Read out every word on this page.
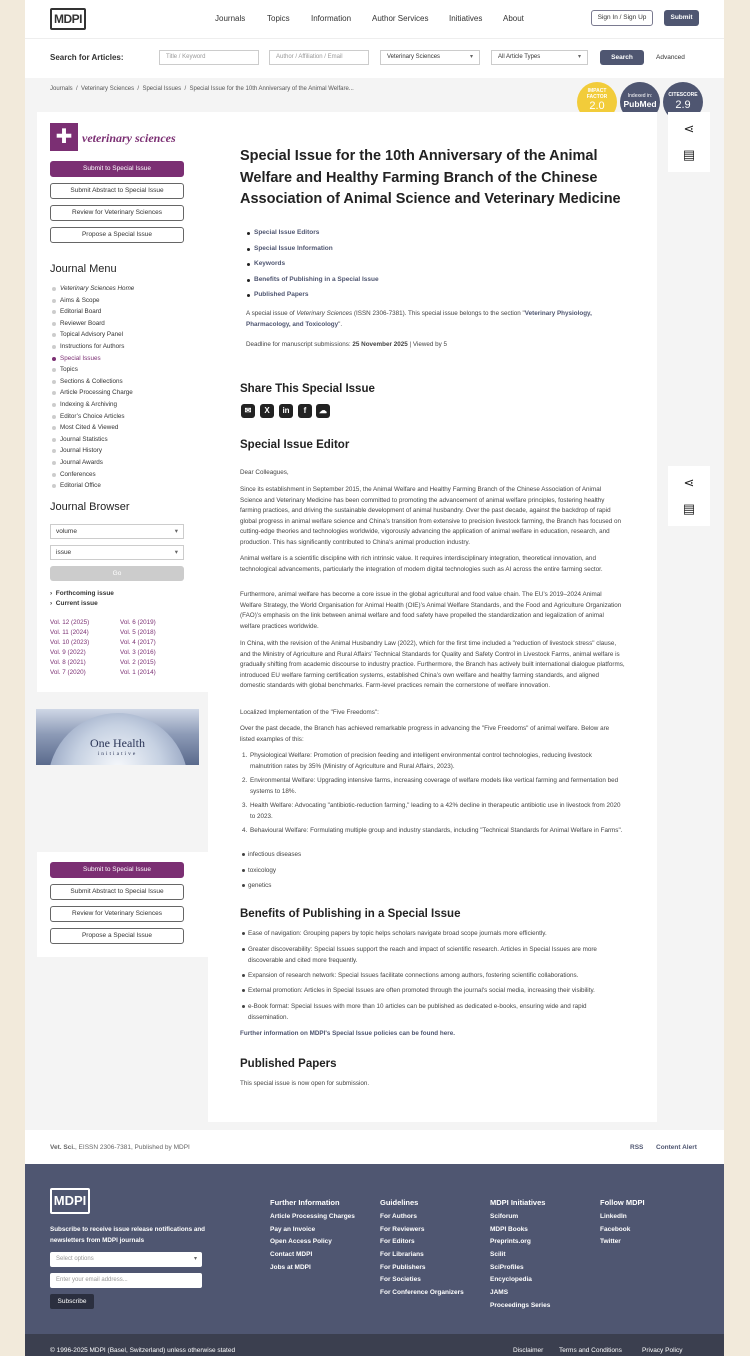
MDPI	Journals	Topics	Information	Author Services	Initiatives	About	Sign In / Sign Up	Submit
Search for Articles:	Title / Keyword	Author / Affiliation / Email	Veterinary Sciences	▾	All Article Types	▾	Search	Advanced
Journals  /  Veterinary Sciences  /  Special Issues  /  Special Issue for the 10th Anniversary of the Animal Welfare...	IMPACT FACTOR
2.0
Indexed in:
PubMed
CITESCORE
2.9
✚ veterinary sciences
Submit to Special Issue
Submit Abstract to Special Issue
Review for Veterinary Sciences
Propose a Special Issue
Journal Menu
Veterinary Sciences Home
Aims & Scope
Editorial Board
Reviewer Board
Topical Advisory Panel
Instructions for Authors
Special Issues
Topics
Sections & Collections
Article Processing Charge
Indexing & Archiving
Editor’s Choice Articles
Most Cited & Viewed
Journal Statistics
Journal History
Journal Awards
Conferences
Editorial Office
Journal Browser
volume	▾
issue	▾
Go
›  Forthcoming issue
›  Current issue
Vol. 12 (2025)
Vol. 11 (2024)
Vol. 10 (2023)
Vol. 9 (2022)
Vol. 8 (2021)
Vol. 7 (2020)
Vol. 6 (2019)
Vol. 5 (2018)
Vol. 4 (2017)
Vol. 3 (2016)
Vol. 2 (2015)
Vol. 1 (2014)
One Health
initiative
Submit to Special Issue
Submit Abstract to Special Issue
Review for Veterinary Sciences
Propose a Special Issue
Special Issue for the 10th Anniversary of the Animal Welfare and Healthy Farming Branch of the Chinese Association of Animal Science and Veterinary Medicine
Special Issue Editors
Special Issue Information
Keywords
Benefits of Publishing in a Special Issue
Published Papers
A special issue of Veterinary Sciences (ISSN 2306-7381). This special issue belongs to the section "Veterinary Physiology, Pharmacology, and Toxicology".
Deadline for manuscript submissions: 25 November 2025 | Viewed by 5
Share This Special Issue
✉	X	in	f	☁
Special Issue Editor
Dear Colleagues,
Since its establishment in September 2015, the Animal Welfare and Healthy Farming Branch of the Chinese Association of Animal Science and Veterinary Medicine has been committed to promoting the advancement of animal welfare principles, fostering healthy farming practices, and driving the sustainable development of animal husbandry. Over the past decade, against the backdrop of rapid global progress in animal welfare science and China’s transition from extensive to precision livestock farming, the Branch has focused on cutting-edge theories and technologies worldwide, vigorously advancing the application of animal welfare in education, research, and production. This has significantly contributed to China’s animal production industry.
Animal welfare is a scientific discipline with rich intrinsic value. It requires interdisciplinary integration, theoretical innovation, and technological advancements, particularly the integration of modern digital technologies such as AI across the entire farming sector.
Furthermore, animal welfare has become a core issue in the global agricultural and food value chain. The EU’s 2019–2024 Animal Welfare Strategy, the World Organisation for Animal Health (OIE)’s Animal Welfare Standards, and the Food and Agriculture Organization (FAO)’s emphasis on the link between animal welfare and food safety have propelled the standardization and legalization of animal welfare practices worldwide.
In China, with the revision of the Animal Husbandry Law (2022), which for the first time included a "reduction of livestock stress" clause, and the Ministry of Agriculture and Rural Affairs’ Technical Standards for Quality and Safety Control in Livestock Farms, animal welfare is gradually shifting from academic discourse to industry practice. Furthermore, the Branch has actively built international dialogue platforms, introduced EU welfare farming certification systems, established China’s own welfare and healthy farming standards, and aligned domestic standards with global benchmarks. Farm-level practices remain the cornerstone of welfare innovation.
Localized Implementation of the "Five Freedoms":
Over the past decade, the Branch has achieved remarkable progress in advancing the "Five Freedoms" of animal welfare. Below are listed examples of this:
1. Physiological Welfare: Promotion of precision feeding and intelligent environmental control technologies, reducing livestock malnutrition rates by 35% (Ministry of Agriculture and Rural Affairs, 2023).
2. Environmental Welfare: Upgrading intensive farms, increasing coverage of welfare models like vertical farming and fermentation bed systems to 18%.
3. Health Welfare: Advocating "antibiotic-reduction farming," leading to a 42% decline in therapeutic antibiotic use in livestock from 2020 to 2023.
4. Behavioural Welfare: Formulating multiple group and industry standards, including "Technical Standards for Animal Welfare in Farms".
infectious diseases
toxicology
genetics
Benefits of Publishing in a Special Issue
Ease of navigation: Grouping papers by topic helps scholars navigate broad scope journals more efficiently.
Greater discoverability: Special Issues support the reach and impact of scientific research. Articles in Special Issues are more discoverable and cited more frequently.
Expansion of research network: Special Issues facilitate connections among authors, fostering scientific collaborations.
External promotion: Articles in Special Issues are often promoted through the journal's social media, increasing their visibility.
e-Book format: Special Issues with more than 10 articles can be published as dedicated e-books, ensuring wide and rapid dissemination.
Further information on MDPI's Special Issue policies can be found here.
Published Papers
This special issue is now open for submission.
⋖
▤
⋖
▤
Vet. Sci., EISSN 2306-7381, Published by MDPI	RSS Content Alert
MDPI
Subscribe to receive issue release notifications and newsletters from MDPI journals
Select options	▾
Enter your email address...
Subscribe
Further Information
Article Processing Charges
Pay an Invoice
Open Access Policy
Contact MDPI
Jobs at MDPI
Guidelines
For Authors
For Reviewers
For Editors
For Librarians
For Publishers
For Societies
For Conference Organizers
MDPI Initiatives
Sciforum
MDPI Books
Preprints.org
Scilit
SciProfiles
Encyclopedia
JAMS
Proceedings Series
Follow MDPI
LinkedIn
Facebook
Twitter
© 1996-2025 MDPI (Basel, Switzerland) unless otherwise stated	Disclaimer Terms and Conditions	Privacy Policy
